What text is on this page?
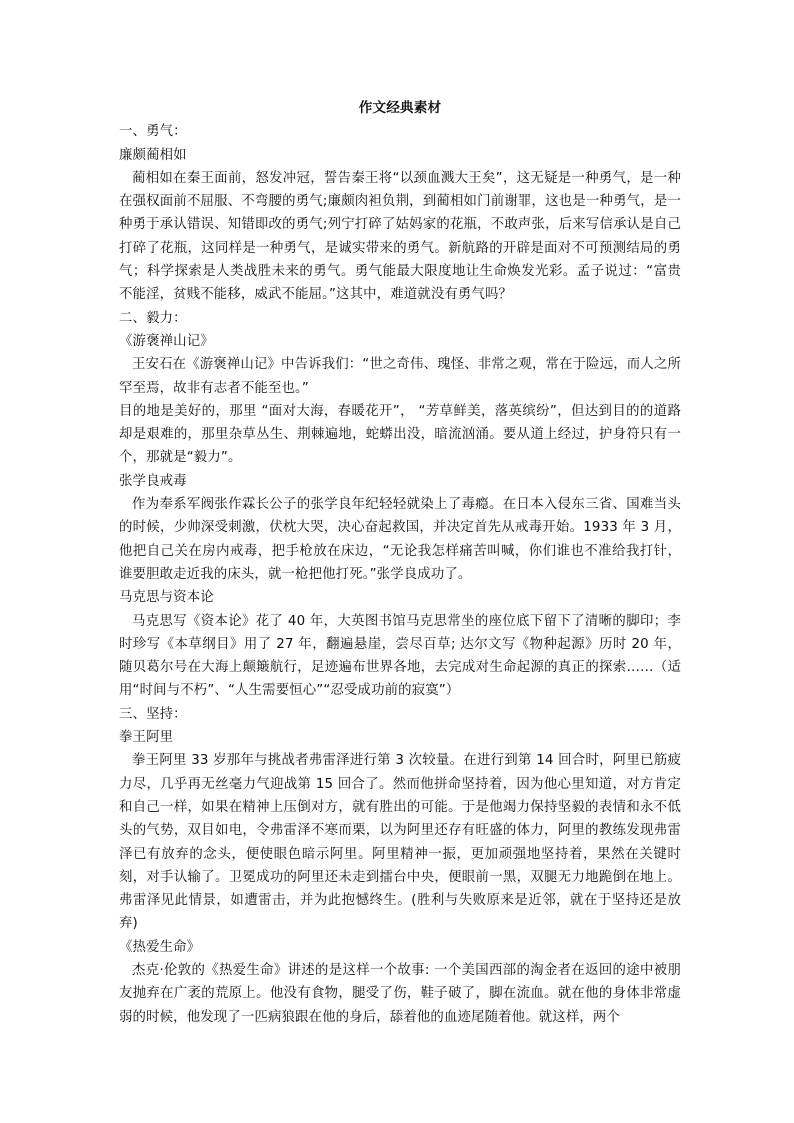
作文经典素材

一、勇气：

廉颇蔺相如

蔺相如在秦王面前，怒发冲冠，誓告秦王将“以颈血溅大王矣”，这无疑是一种勇气，是一种在强权面前不屈服、不弯腰的勇气;廉颇肉袒负荆，到蔺相如门前谢罪，这也是一种勇气，是一种勇于承认错误、知错即改的勇气;列宁打碎了姑妈家的花瓶，不敢声张，后来写信承认是自己打碎了花瓶，这同样是一种勇气，是诚实带来的勇气。新航路的开辟是面对不可预测结局的勇气；科学探索是人类战胜未来的勇气。勇气能最大限度地让生命焕发光彩。孟子说过：“富贵不能淫，贫贱不能移，威武不能屈。”这其中，难道就没有勇气吗？

二、毅力：

《游褒禅山记》

王安石在《游褒禅山记》中告诉我们：“世之奇伟、瑰怪、非常之观，常在于险远，而人之所罕至焉，故非有志者不能至也。”

目的地是美好的，那里 “面对大海，春暖花开”， “芳草鲜美，落英缤纷”，但达到目的的道路却是艰难的，那里杂草丛生、荆棘遍地，蛇蟒出没，暗流汹涌。要从道上经过，护身符只有一个，那就是“毅力”。

张学良戒毒

作为奉系军阀张作霖长公子的张学良年纪轻轻就染上了毒瘾。在日本入侵东三省、国难当头的时候，少帅深受刺激，伏枕大哭，决心奋起救国，并决定首先从戒毒开始。1933 年 3 月，他把自己关在房内戒毒，把手枪放在床边，“无论我怎样痛苦叫喊，你们谁也不准给我打针，谁要胆敢走近我的床头，就一枪把他打死。”张学良成功了。

马克思与资本论

马克思写《资本论》花了 40 年，大英图书馆马克思常坐的座位底下留下了清晰的脚印；李时珍写《本草纲目》用了 27 年，翻遍悬崖，尝尽百草; 达尔文写《物种起源》历时 20 年，随贝葛尔号在大海上颠簸航行，足迹遍布世界各地，去完成对生命起源的真正的探索……（适用“时间与不朽”、“人生需要恒心”“忍受成功前的寂寞”）

三、坚持：

拳王阿里

拳王阿里 33 岁那年与挑战者弗雷泽进行第 3 次较量。在进行到第 14 回合时，阿里已筋疲力尽，几乎再无丝毫力气迎战第 15 回合了。然而他拼命坚持着，因为他心里知道，对方肯定和自己一样，如果在精神上压倒对方，就有胜出的可能。于是他竭力保持坚毅的表情和永不低头的气势，双目如电，令弗雷泽不寒而栗，以为阿里还存有旺盛的体力，阿里的教练发现弗雷泽已有放弃的念头，便使眼色暗示阿里。阿里精神一振，更加顽强地坚持着，果然在关键时刻，对手认输了。卫冕成功的阿里还未走到擂台中央，便眼前一黑，双腿无力地跪倒在地上。弗雷泽见此情景，如遭雷击，并为此抱憾终生。(胜利与失败原来是近邻，就在于坚持还是放弃)

《热爱生命》

杰克·伦敦的《热爱生命》讲述的是这样一个故事: 一个美国西部的淘金者在返回的途中被朋友抛弃在广袤的荒原上。他没有食物，腿受了伤，鞋子破了，脚在流血。就在他的身体非常虚弱的时候，他发现了一匹病狼跟在他的身后，舔着他的血迹尾随着他。就这样，两个
